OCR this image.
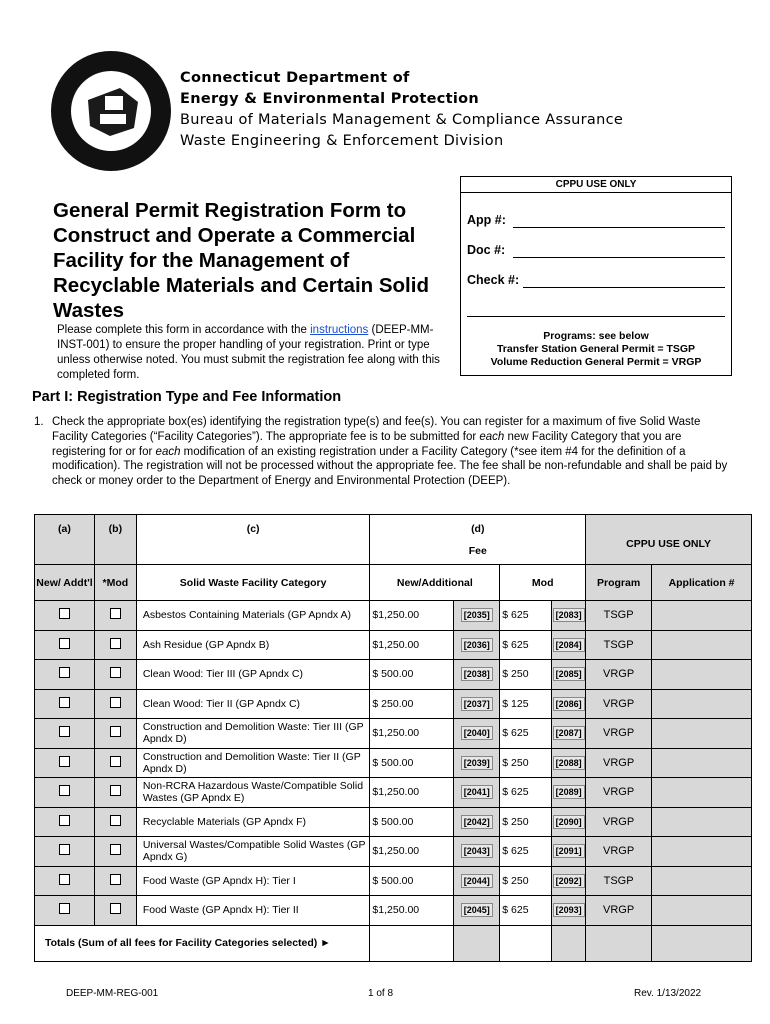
Connecticut Department of
Energy & Environmental Protection
Bureau of Materials Management & Compliance Assurance
Waste Engineering & Enforcement Division
CPPU USE ONLY
App #:
Doc #:
Check #:
Programs: see below
Transfer Station General Permit = TSGP
Volume Reduction General Permit = VRGP
General Permit Registration Form to Construct and Operate a Commercial Facility for the Management of Recyclable Materials and Certain Solid Wastes
Please complete this form in accordance with the instructions (DEEP-MM-INST-001) to ensure the proper handling of your registration. Print or type unless otherwise noted. You must submit the registration fee along with this completed form.
Part I: Registration Type and Fee Information
1. Check the appropriate box(es) identifying the registration type(s) and fee(s). You can register for a maximum of five Solid Waste Facility Categories (“Facility Categories”). The appropriate fee is to be submitted for each new Facility Category that you are registering for or for each modification of an existing registration under a Facility Category (*see item #4 for the definition of a modification). The registration will not be processed without the appropriate fee. The fee shall be non-refundable and shall be paid by check or money order to the Department of Energy and Environmental Protection (DEEP).
(a)	(b)	(c)	(d)
Fee				CPPU USE ONLY	
New/ Addt'l	*Mod	Solid Waste Facility Category	New/Additional		Mod		Program	Application #
		Asbestos Containing Materials (GP Apndx A)	$1,250.00	[2035]	$ 625	[2083]	TSGP	
		Ash Residue (GP Apndx B)	$1,250.00	[2036]	$ 625	[2084]	TSGP	
		Clean Wood: Tier III (GP Apndx C)	$ 500.00	[2038]	$ 250	[2085]	VRGP	
		Clean Wood: Tier II (GP Apndx C)	$ 250.00	[2037]	$ 125	[2086]	VRGP	
		Construction and Demolition Waste: Tier III (GP Apndx D)	$1,250.00	[2040]	$ 625	[2087]	VRGP	
		Construction and Demolition Waste: Tier II (GP Apndx D)	$ 500.00	[2039]	$ 250	[2088]	VRGP	
		Non-RCRA Hazardous Waste/Compatible Solid Wastes (GP Apndx E)	$1,250.00	[2041]	$ 625	[2089]	VRGP	
		Recyclable Materials (GP Apndx F)	$ 500.00	[2042]	$ 250	[2090]	VRGP	
		Universal Wastes/Compatible Solid Wastes (GP Apndx G)	$1,250.00	[2043]	$ 625	[2091]	VRGP	
		Food Waste (GP Apndx H): Tier I	$ 500.00	[2044]	$ 250	[2092]	TSGP	
		Food Waste (GP Apndx H): Tier II	$1,250.00	[2045]	$ 625	[2093]	VRGP	
Totals (Sum of all fees for Facility Categories selected) ►								
DEEP-MM-REG-001	1 of 8	Rev. 1/13/2022
